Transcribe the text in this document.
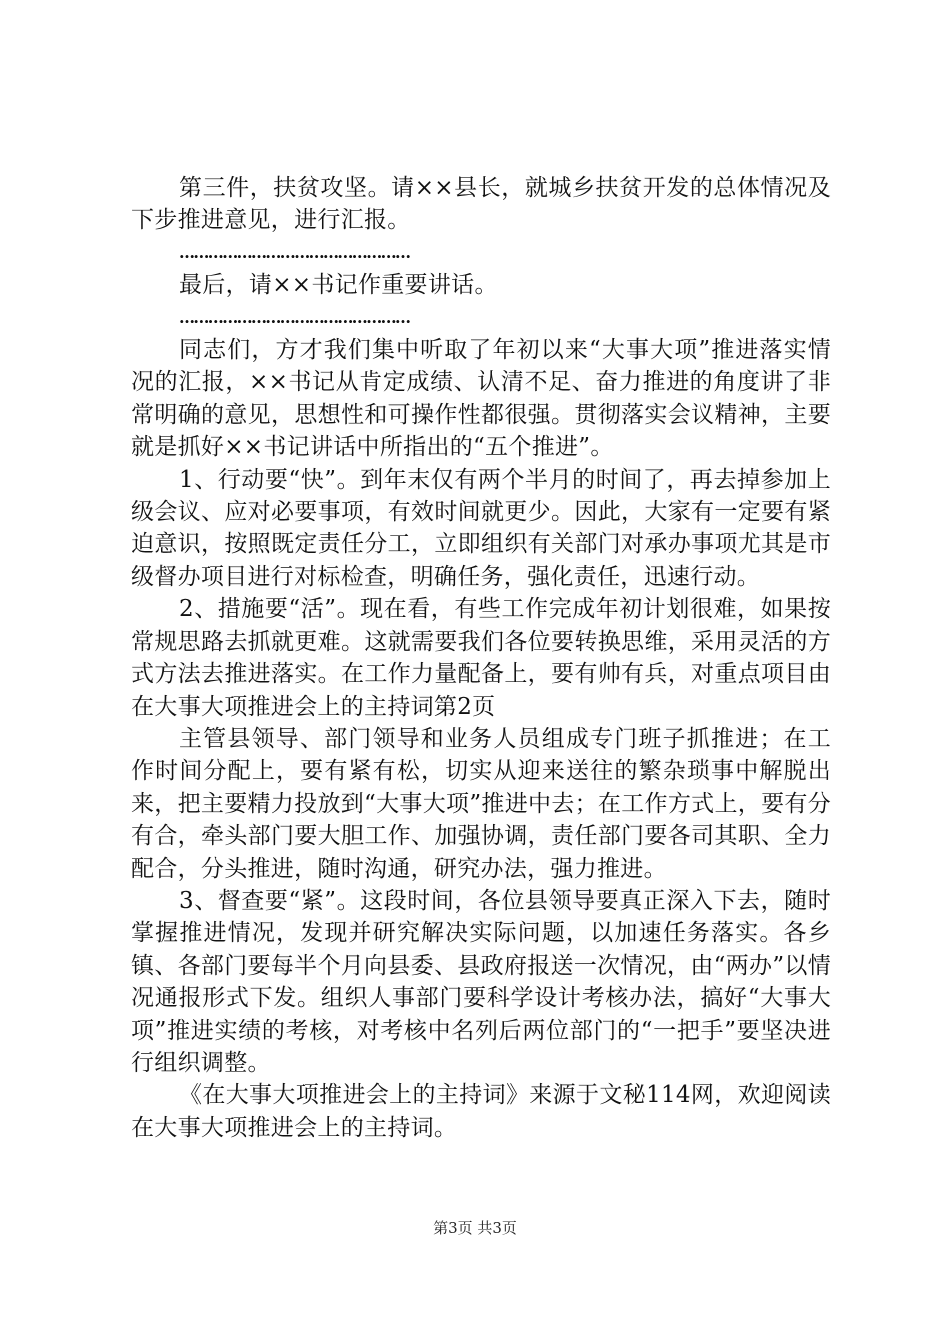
第三件，扶贫攻坚。请××县长，就城乡扶贫开发的总体情况及下步推进意见，进行汇报。

…………………………………………

最后，请××书记作重要讲话。

…………………………………………

同志们，方才我们集中听取了年初以来“大事大项”推进落实情况的汇报，××书记从肯定成绩、认清不足、奋力推进的角度讲了非常明确的意见，思想性和可操作性都很强。贯彻落实会议精神，主要就是抓好××书记讲话中所指出的“五个推进”。

1、行动要“快”。到年末仅有两个半月的时间了，再去掉参加上级会议、应对必要事项，有效时间就更少。因此，大家有一定要有紧迫意识，按照既定责任分工，立即组织有关部门对承办事项尤其是市级督办项目进行对标检查，明确任务，强化责任，迅速行动。

2、措施要“活”。现在看，有些工作完成年初计划很难，如果按常规思路去抓就更难。这就需要我们各位要转换思维，采用灵活的方式方法去推进落实。在工作力量配备上，要有帅有兵，对重点项目由在大事大项推进会上的主持词第2页

主管县领导、部门领导和业务人员组成专门班子抓推进；在工作时间分配上，要有紧有松，切实从迎来送往的繁杂琐事中解脱出来，把主要精力投放到“大事大项”推进中去；在工作方式上，要有分有合，牵头部门要大胆工作、加强协调，责任部门要各司其职、全力配合，分头推进，随时沟通，研究办法，强力推进。

3、督查要“紧”。这段时间，各位县领导要真正深入下去，随时掌握推进情况，发现并研究解决实际问题，以加速任务落实。各乡镇、各部门要每半个月向县委、县政府报送一次情况，由“两办”以情况通报形式下发。组织人事部门要科学设计考核办法，搞好“大事大项”推进实绩的考核，对考核中名列后两位部门的“一把手”要坚决进行组织调整。

《在大事大项推进会上的主持词》来源于文秘114网，欢迎阅读在大事大项推进会上的主持词。

第3页 共3页
